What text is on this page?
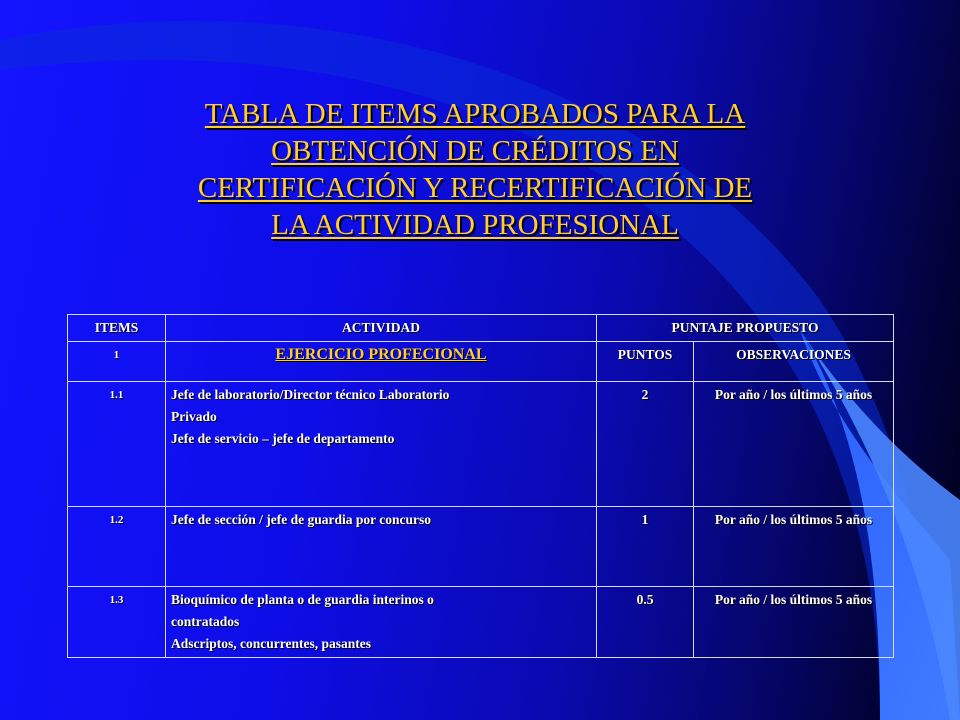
TABLA DE ITEMS APROBADOS PARA LA
OBTENCIÓN DE CRÉDITOS EN
CERTIFICACIÓN Y RECERTIFICACIÓN DE
LA ACTIVIDAD PROFESIONAL
ITEMS	ACTIVIDAD	PUNTAJE PROPUESTO	
1	EJERCICIO PROFECIONAL	PUNTOS	OBSERVACIONES
1.1	Jefe de laboratorio/Director técnico Laboratorio
Privado
Jefe de servicio – jefe de departamento	2	Por año / los últimos 5 años
1.2	Jefe de sección / jefe de guardia por concurso	1	Por año / los últimos 5 años
1.3	Bioquímico de planta o de guardia interinos o
contratados
Adscriptos, concurrentes, pasantes	0.5	Por año / los últimos 5 años
